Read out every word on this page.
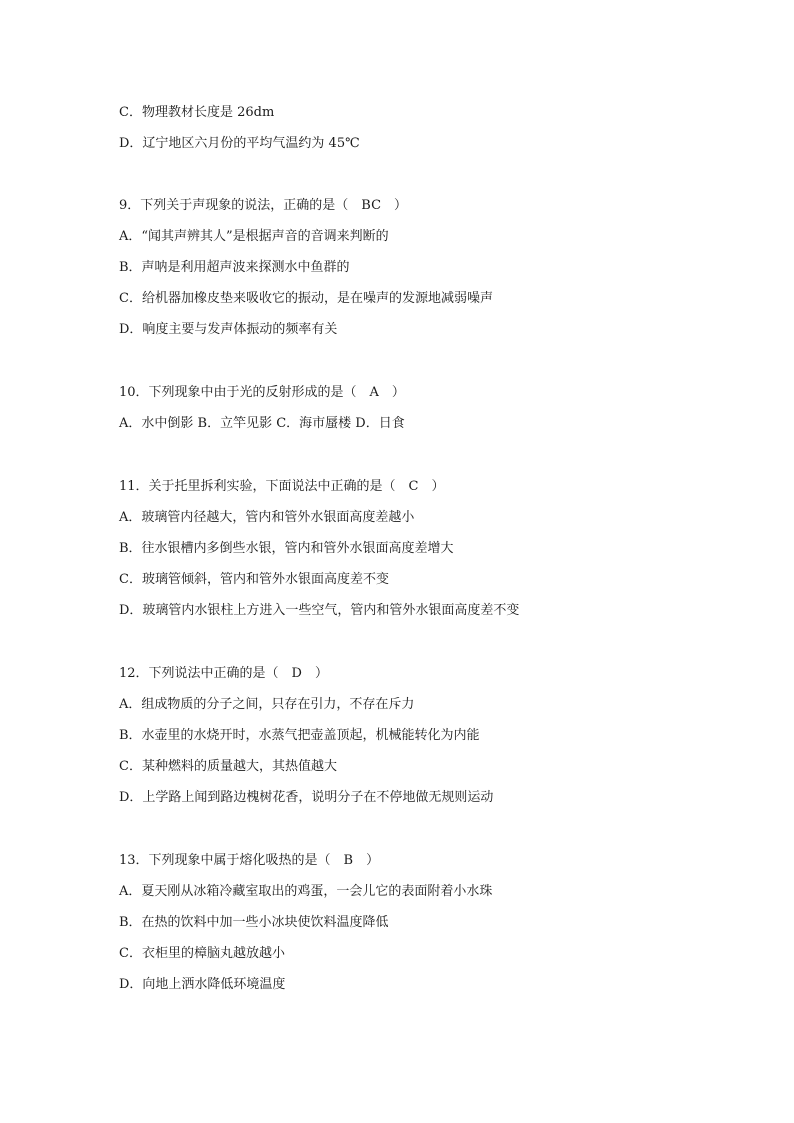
C．物理教材长度是 26dm
D．辽宁地区六月份的平均气温约为 45℃
9．下列关于声现象的说法，正确的是（　BC　）
A．“闻其声辨其人”是根据声音的音调来判断的
B．声呐是利用超声波来探测水中鱼群的
C．给机器加橡皮垫来吸收它的振动，是在噪声的发源地减弱噪声
D．响度主要与发声体振动的频率有关
10．下列现象中由于光的反射形成的是（　A　）
A．水中倒影 B．立竿见影 C．海市蜃楼 D．日食
11．关于托里拆利实验，下面说法中正确的是（　C　）
A．玻璃管内径越大，管内和管外水银面高度差越小
B．往水银槽内多倒些水银，管内和管外水银面高度差增大
C．玻璃管倾斜，管内和管外水银面高度差不变
D．玻璃管内水银柱上方进入一些空气，管内和管外水银面高度差不变
12．下列说法中正确的是（　D　）
A．组成物质的分子之间，只存在引力，不存在斥力
B．水壶里的水烧开时，水蒸气把壶盖顶起，机械能转化为内能
C．某种燃料的质量越大，其热值越大
D．上学路上闻到路边槐树花香，说明分子在不停地做无规则运动
13．下列现象中属于熔化吸热的是（　B　）
A．夏天刚从冰箱冷藏室取出的鸡蛋，一会儿它的表面附着小水珠
B．在热的饮料中加一些小冰块使饮料温度降低
C．衣柜里的樟脑丸越放越小
D．向地上洒水降低环境温度
